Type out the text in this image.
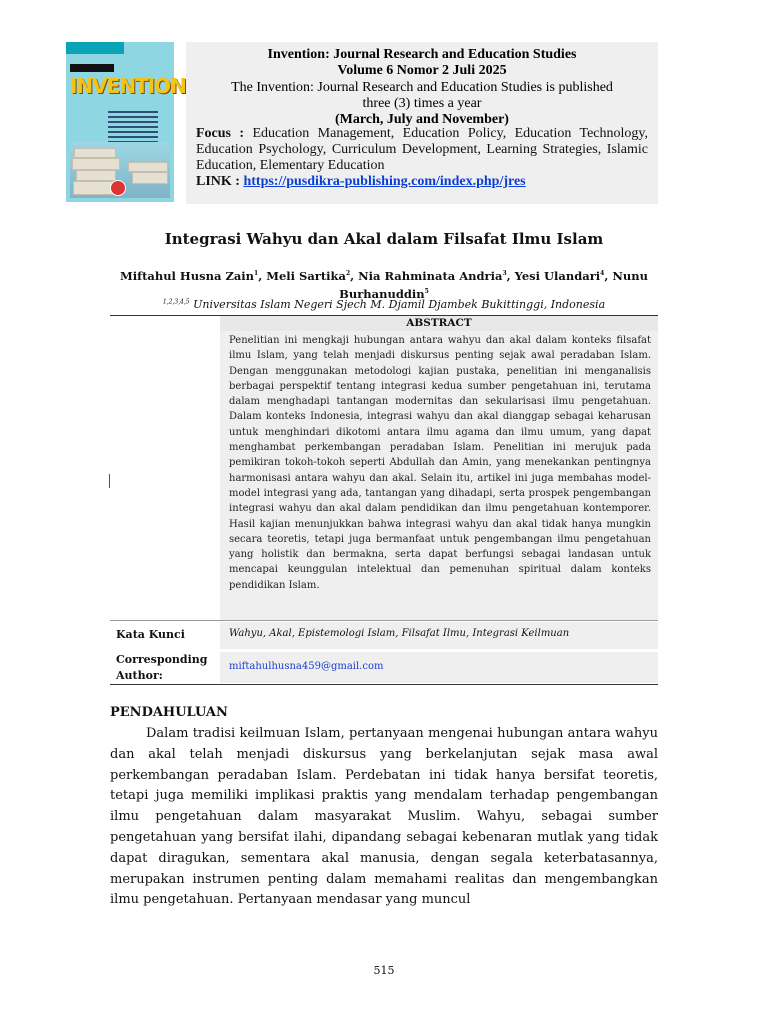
INVENTION
Invention: Journal Research and Education Studies
Volume 6 Nomor 2 Juli 2025
The Invention: Journal Research and Education Studies is published
three (3) times a year
(March, July and November)
Focus : Education Management, Education Policy, Education Technology, Education Psychology, Curriculum Development, Learning Strategies, Islamic Education, Elementary Education
LINK : https://pusdikra-publishing.com/index.php/jres
Integrasi Wahyu dan Akal dalam Filsafat Ilmu Islam
Miftahul Husna Zain$^1$, Meli Sartika$^2$, Nia Rahminata Andria$^3$, Yesi Ulandari$^4$, Nunu Burhanuddin$^5$
$^{1,2,3,4,5}$ Universitas Islam Negeri Sjech M. Djamil Djambek Bukittinggi, Indonesia
ABSTRACT
Penelitian ini mengkaji hubungan antara wahyu dan akal dalam konteks filsafat ilmu Islam, yang telah menjadi diskursus penting sejak awal peradaban Islam. Dengan menggunakan metodologi kajian pustaka, penelitian ini menganalisis berbagai perspektif tentang integrasi kedua sumber pengetahuan ini, terutama dalam menghadapi tantangan modernitas dan sekularisasi ilmu pengetahuan. Dalam konteks Indonesia, integrasi wahyu dan akal dianggap sebagai keharusan untuk menghindari dikotomi antara ilmu agama dan ilmu umum, yang dapat menghambat perkembangan peradaban Islam. Penelitian ini merujuk pada pemikiran tokoh-tokoh seperti Abdullah dan Amin, yang menekankan pentingnya harmonisasi antara wahyu dan akal. Selain itu, artikel ini juga membahas model-model integrasi yang ada, tantangan yang dihadapi, serta prospek pengembangan integrasi wahyu dan akal dalam pendidikan dan ilmu pengetahuan kontemporer. Hasil kajian menunjukkan bahwa integrasi wahyu dan akal tidak hanya mungkin secara teoretis, tetapi juga bermanfaat untuk pengembangan ilmu pengetahuan yang holistik dan bermakna, serta dapat berfungsi sebagai landasan untuk mencapai keunggulan intelektual dan pemenuhan spiritual dalam konteks pendidikan Islam.
Kata Kunci	Wahyu, Akal, Epistemologi Islam, Filsafat Ilmu, Integrasi Keilmuan
Corresponding
Author:
miftahulhusna459@gmail.com
PENDAHULUAN
Dalam tradisi keilmuan Islam, pertanyaan mengenai hubungan antara wahyu dan akal telah menjadi diskursus yang berkelanjutan sejak masa awal perkembangan peradaban Islam. Perdebatan ini tidak hanya bersifat teoretis, tetapi juga memiliki implikasi praktis yang mendalam terhadap pengembangan ilmu pengetahuan dalam masyarakat Muslim. Wahyu, sebagai sumber pengetahuan yang bersifat ilahi, dipandang sebagai kebenaran mutlak yang tidak dapat diragukan, sementara akal manusia, dengan segala keterbatasannya, merupakan instrumen penting dalam memahami realitas dan mengembangkan ilmu pengetahuan. Pertanyaan mendasar yang muncul
515
